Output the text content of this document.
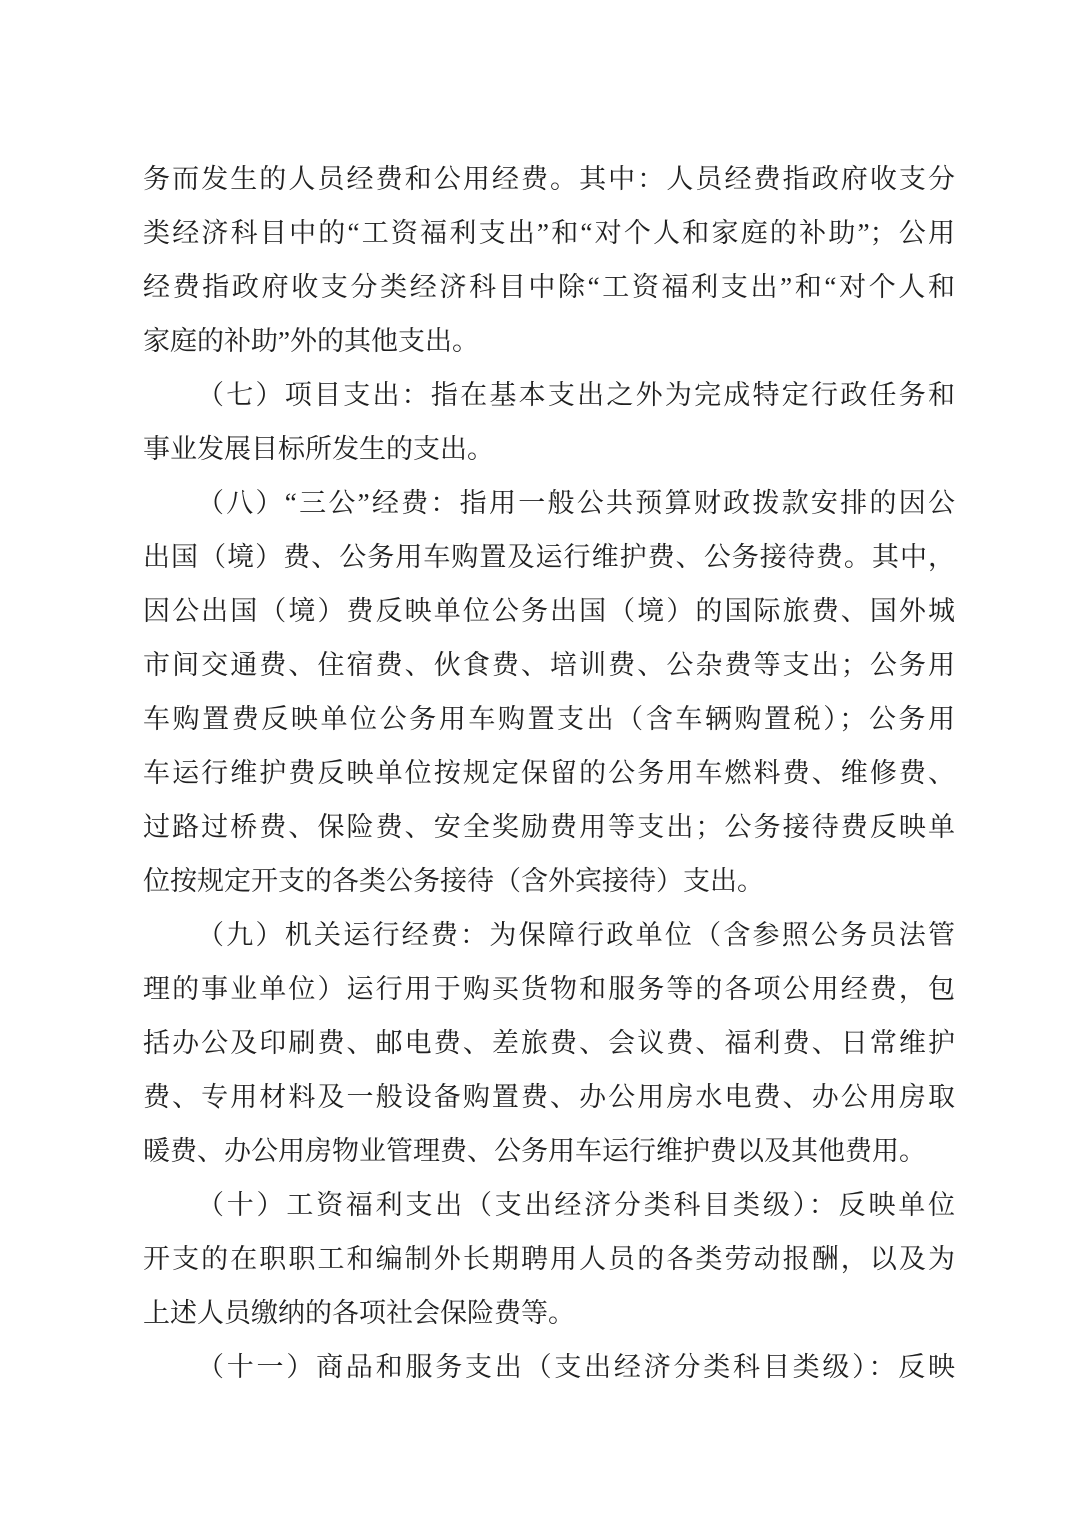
务而发生的人员经费和公用经费。其中：人员经费指政府收支分
类经济科目中的“工资福利支出”和“对个人和家庭的补助”；公用
经费指政府收支分类经济科目中除“工资福利支出”和“对个人和
家庭的补助”外的其他支出。
（七）项目支出：指在基本支出之外为完成特定行政任务和
事业发展目标所发生的支出。
（八）“三公”经费：指用一般公共预算财政拨款安排的因公
出国（境）费、公务用车购置及运行维护费、公务接待费。其中，
因公出国（境）费反映单位公务出国（境）的国际旅费、国外城
市间交通费、住宿费、伙食费、培训费、公杂费等支出；公务用
车购置费反映单位公务用车购置支出（含车辆购置税）；公务用
车运行维护费反映单位按规定保留的公务用车燃料费、维修费、
过路过桥费、保险费、安全奖励费用等支出；公务接待费反映单
位按规定开支的各类公务接待（含外宾接待）支出。
（九）机关运行经费：为保障行政单位（含参照公务员法管
理的事业单位）运行用于购买货物和服务等的各项公用经费，包
括办公及印刷费、邮电费、差旅费、会议费、福利费、日常维护
费、专用材料及一般设备购置费、办公用房水电费、办公用房取
暖费、办公用房物业管理费、公务用车运行维护费以及其他费用。
（十）工资福利支出（支出经济分类科目类级）：反映单位
开支的在职职工和编制外长期聘用人员的各类劳动报酬，以及为
上述人员缴纳的各项社会保险费等。
（十一）商品和服务支出（支出经济分类科目类级）：反映
